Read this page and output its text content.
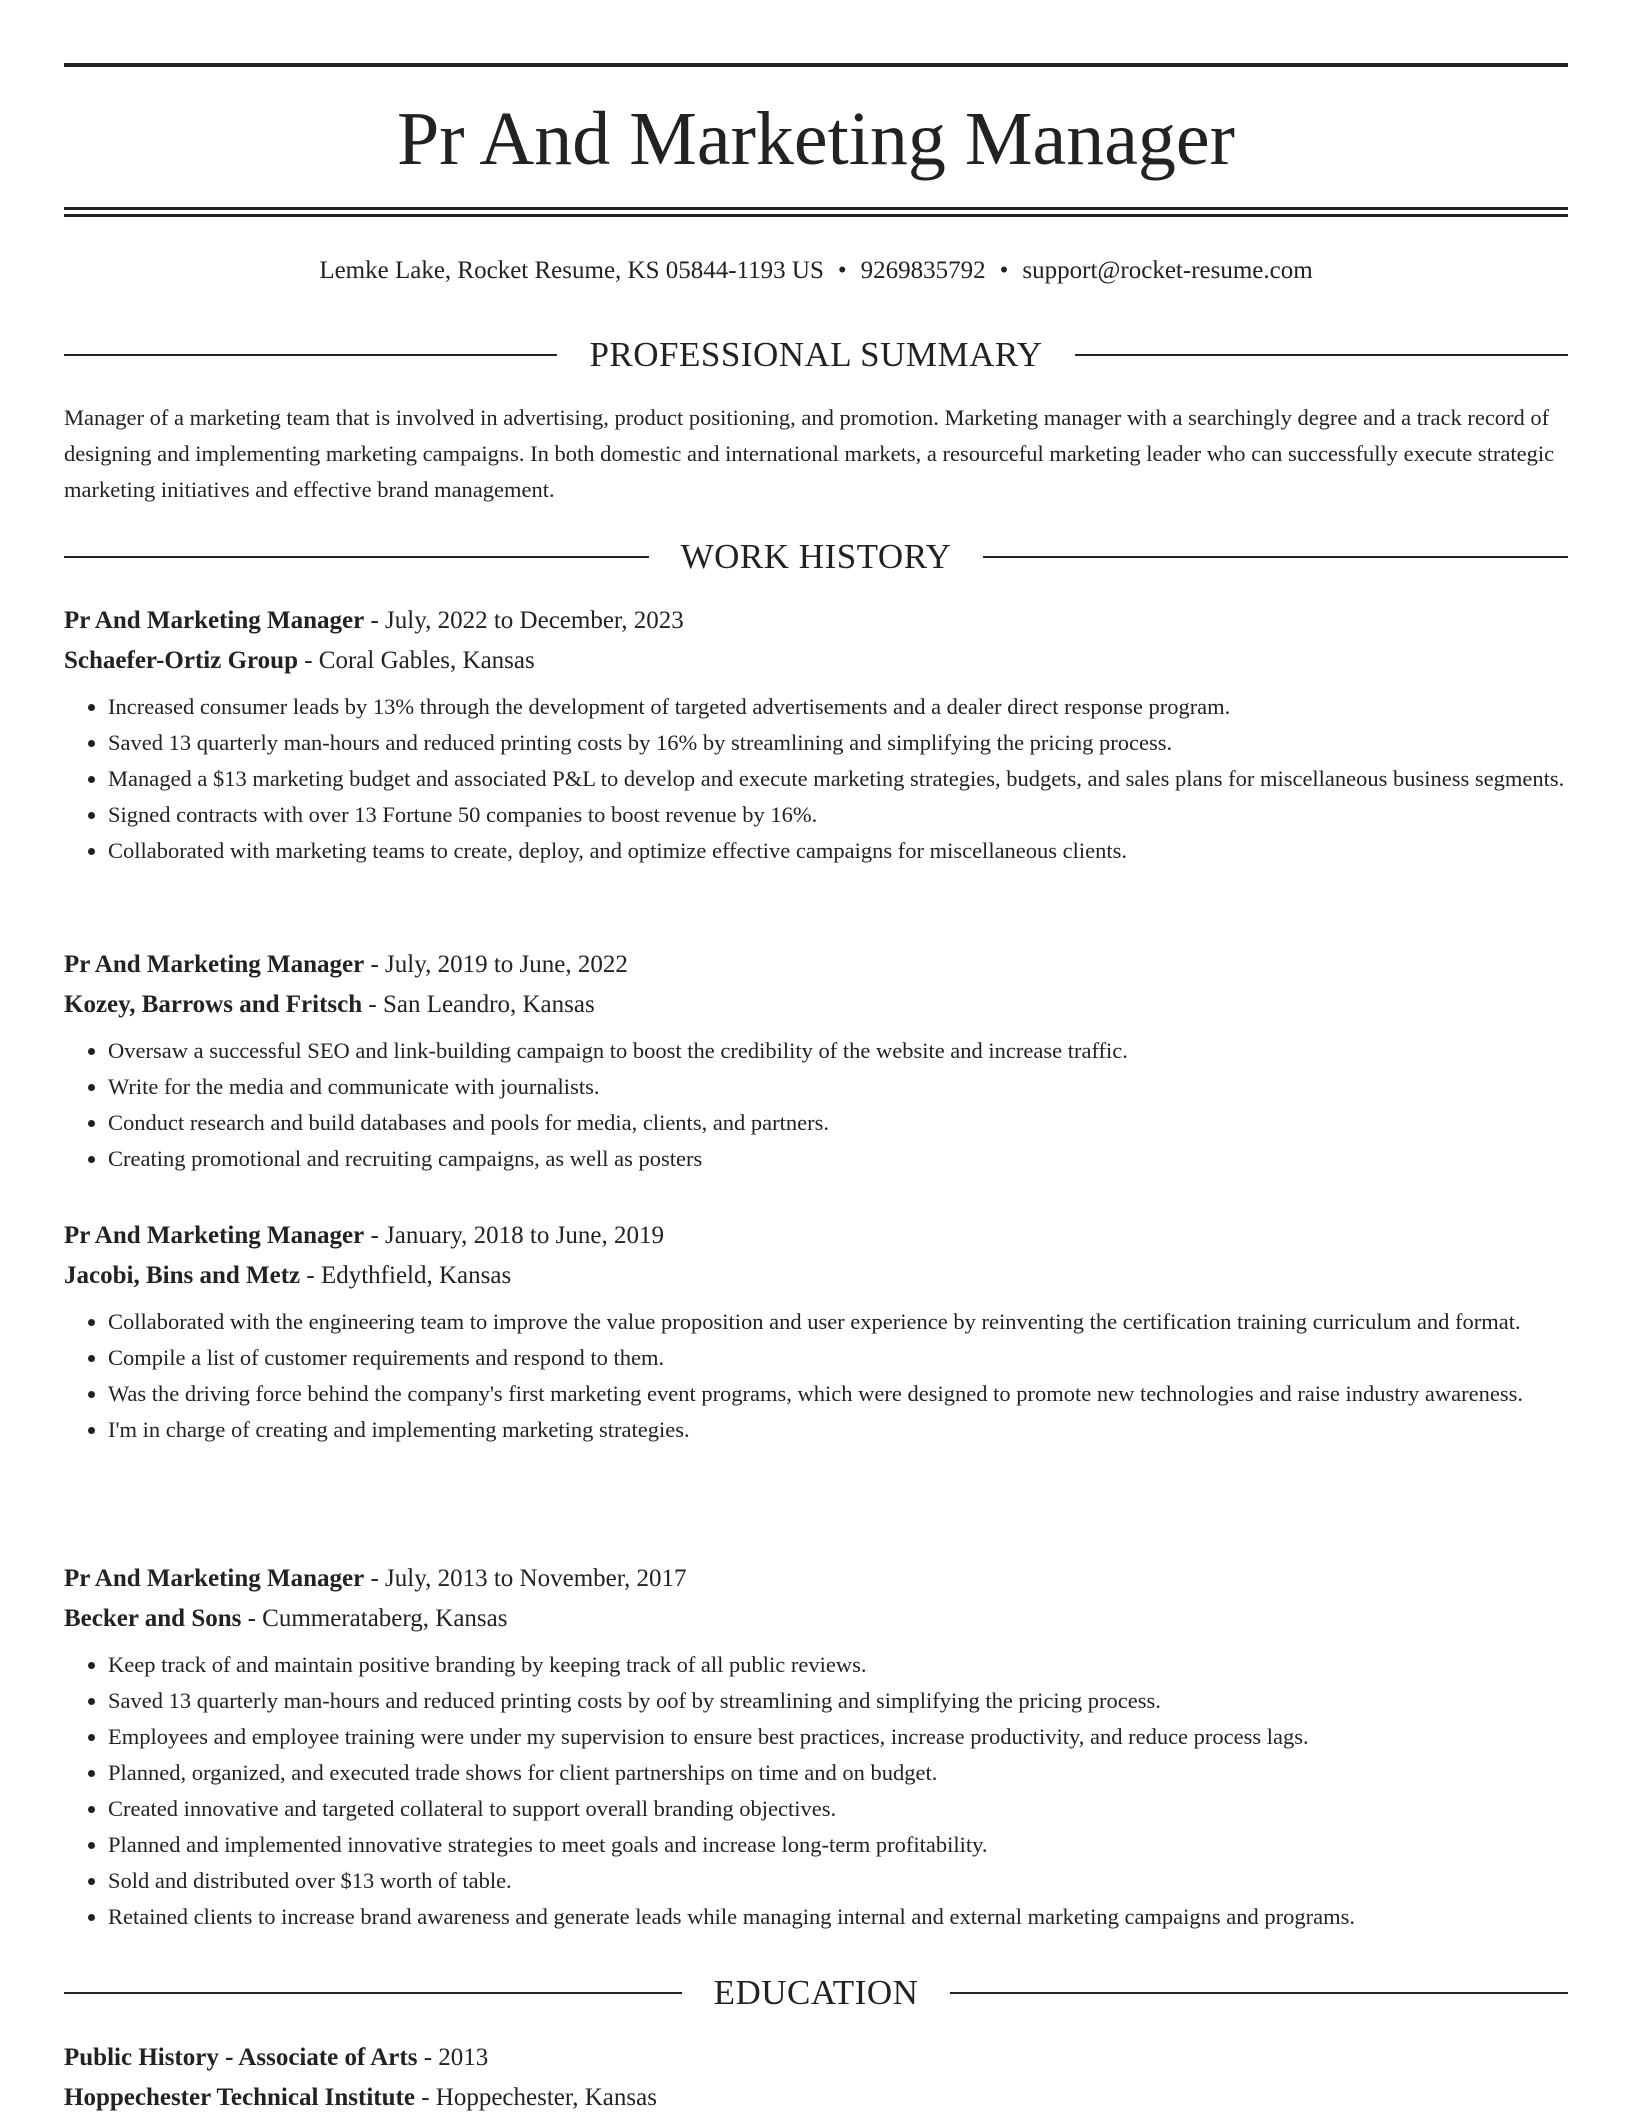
Pr And Marketing Manager
Lemke Lake, Rocket Resume, KS 05844-1193 US • 9269835792 • support@rocket-resume.com
PROFESSIONAL SUMMARY

Manager of a marketing team that is involved in advertising, product positioning, and promotion. Marketing manager with a searchingly degree and a track record of designing and implementing marketing campaigns. In both domestic and international markets, a resourceful marketing leader who can successfully execute strategic marketing initiatives and effective brand management.

WORK HISTORY

Pr And Marketing Manager - July, 2022 to December, 2023

Schaefer-Ortiz Group - Coral Gables, Kansas

• Increased consumer leads by 13% through the development of targeted advertisements and a dealer direct response program.
• Saved 13 quarterly man-hours and reduced printing costs by 16% by streamlining and simplifying the pricing process.
• Managed a $13 marketing budget and associated P&L to develop and execute marketing strategies, budgets, and sales plans for miscellaneous business segments.
• Signed contracts with over 13 Fortune 50 companies to boost revenue by 16%.
• Collaborated with marketing teams to create, deploy, and optimize effective campaigns for miscellaneous clients.

Pr And Marketing Manager - July, 2019 to June, 2022

Kozey, Barrows and Fritsch - San Leandro, Kansas

• Oversaw a successful SEO and link-building campaign to boost the credibility of the website and increase traffic.
• Write for the media and communicate with journalists.
• Conduct research and build databases and pools for media, clients, and partners.
• Creating promotional and recruiting campaigns, as well as posters

Pr And Marketing Manager - January, 2018 to June, 2019

Jacobi, Bins and Metz - Edythfield, Kansas

• Collaborated with the engineering team to improve the value proposition and user experience by reinventing the certification training curriculum and format.
• Compile a list of customer requirements and respond to them.
• Was the driving force behind the company's first marketing event programs, which were designed to promote new technologies and raise industry awareness.
• I'm in charge of creating and implementing marketing strategies.

Pr And Marketing Manager - July, 2013 to November, 2017

Becker and Sons - Cummerataberg, Kansas

• Keep track of and maintain positive branding by keeping track of all public reviews.
• Saved 13 quarterly man-hours and reduced printing costs by oof by streamlining and simplifying the pricing process.
• Employees and employee training were under my supervision to ensure best practices, increase productivity, and reduce process lags.
• Planned, organized, and executed trade shows for client partnerships on time and on budget.
• Created innovative and targeted collateral to support overall branding objectives.
• Planned and implemented innovative strategies to meet goals and increase long-term profitability.
• Sold and distributed over $13 worth of table.
• Retained clients to increase brand awareness and generate leads while managing internal and external marketing campaigns and programs.
EDUCATION

Public History - Associate of Arts - 2013

Hoppechester Technical Institute - Hoppechester, Kansas
